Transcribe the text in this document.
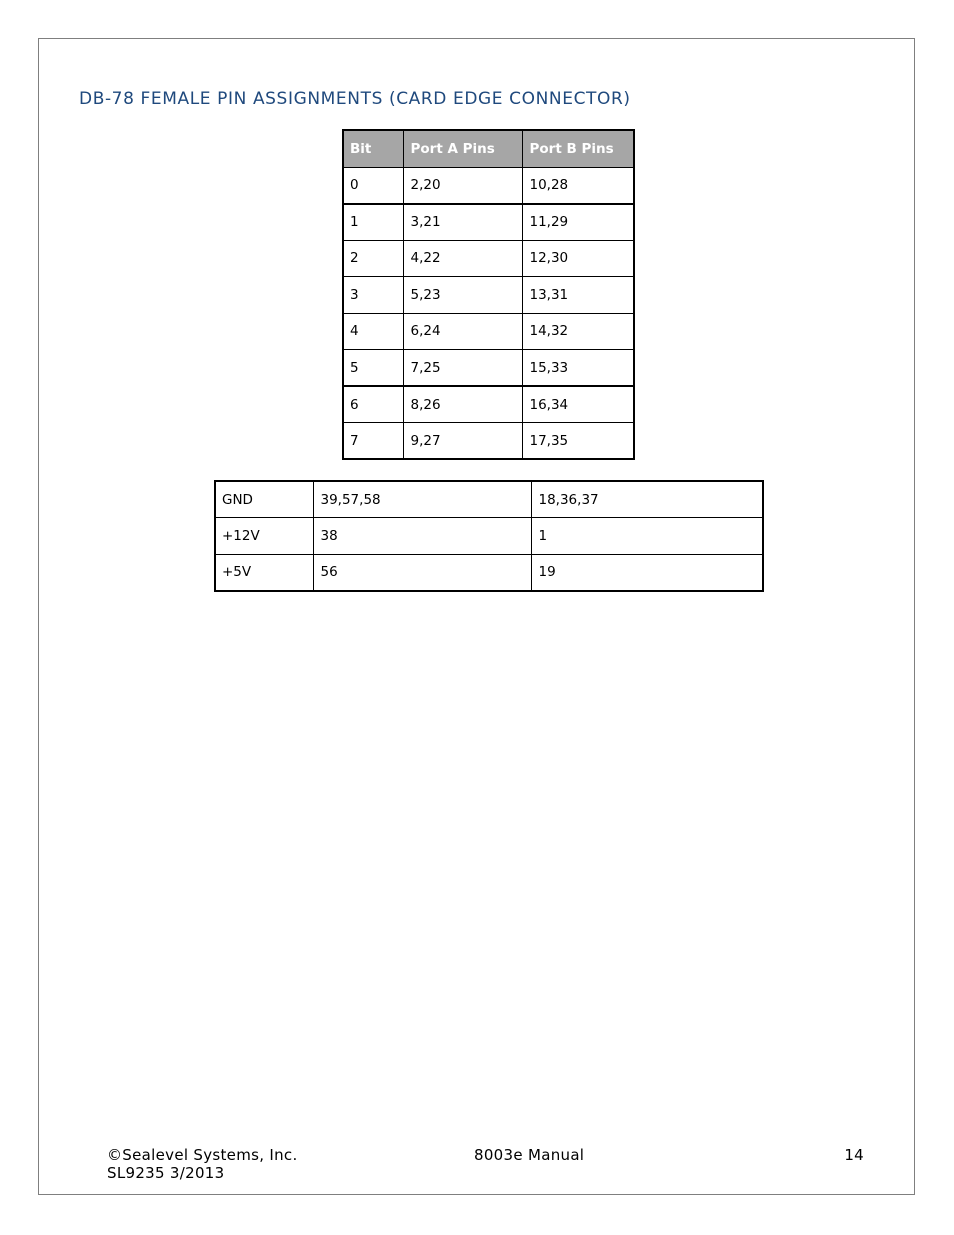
DB-78 FEMALE PIN ASSIGNMENTS (CARD EDGE CONNECTOR)
Bit	Port A Pins	Port B Pins
0	2,20	10,28
1	3,21	11,29
2	4,22	12,30
3	5,23	13,31
4	6,24	14,32
5	7,25	15,33
6	8,26	16,34
7	9,27	17,35
GND	39,57,58	18,36,37
+12V	38	1
+5V	56	19
©Sealevel Systems, Inc.
SL9235 3/2013
8003e Manual	14
